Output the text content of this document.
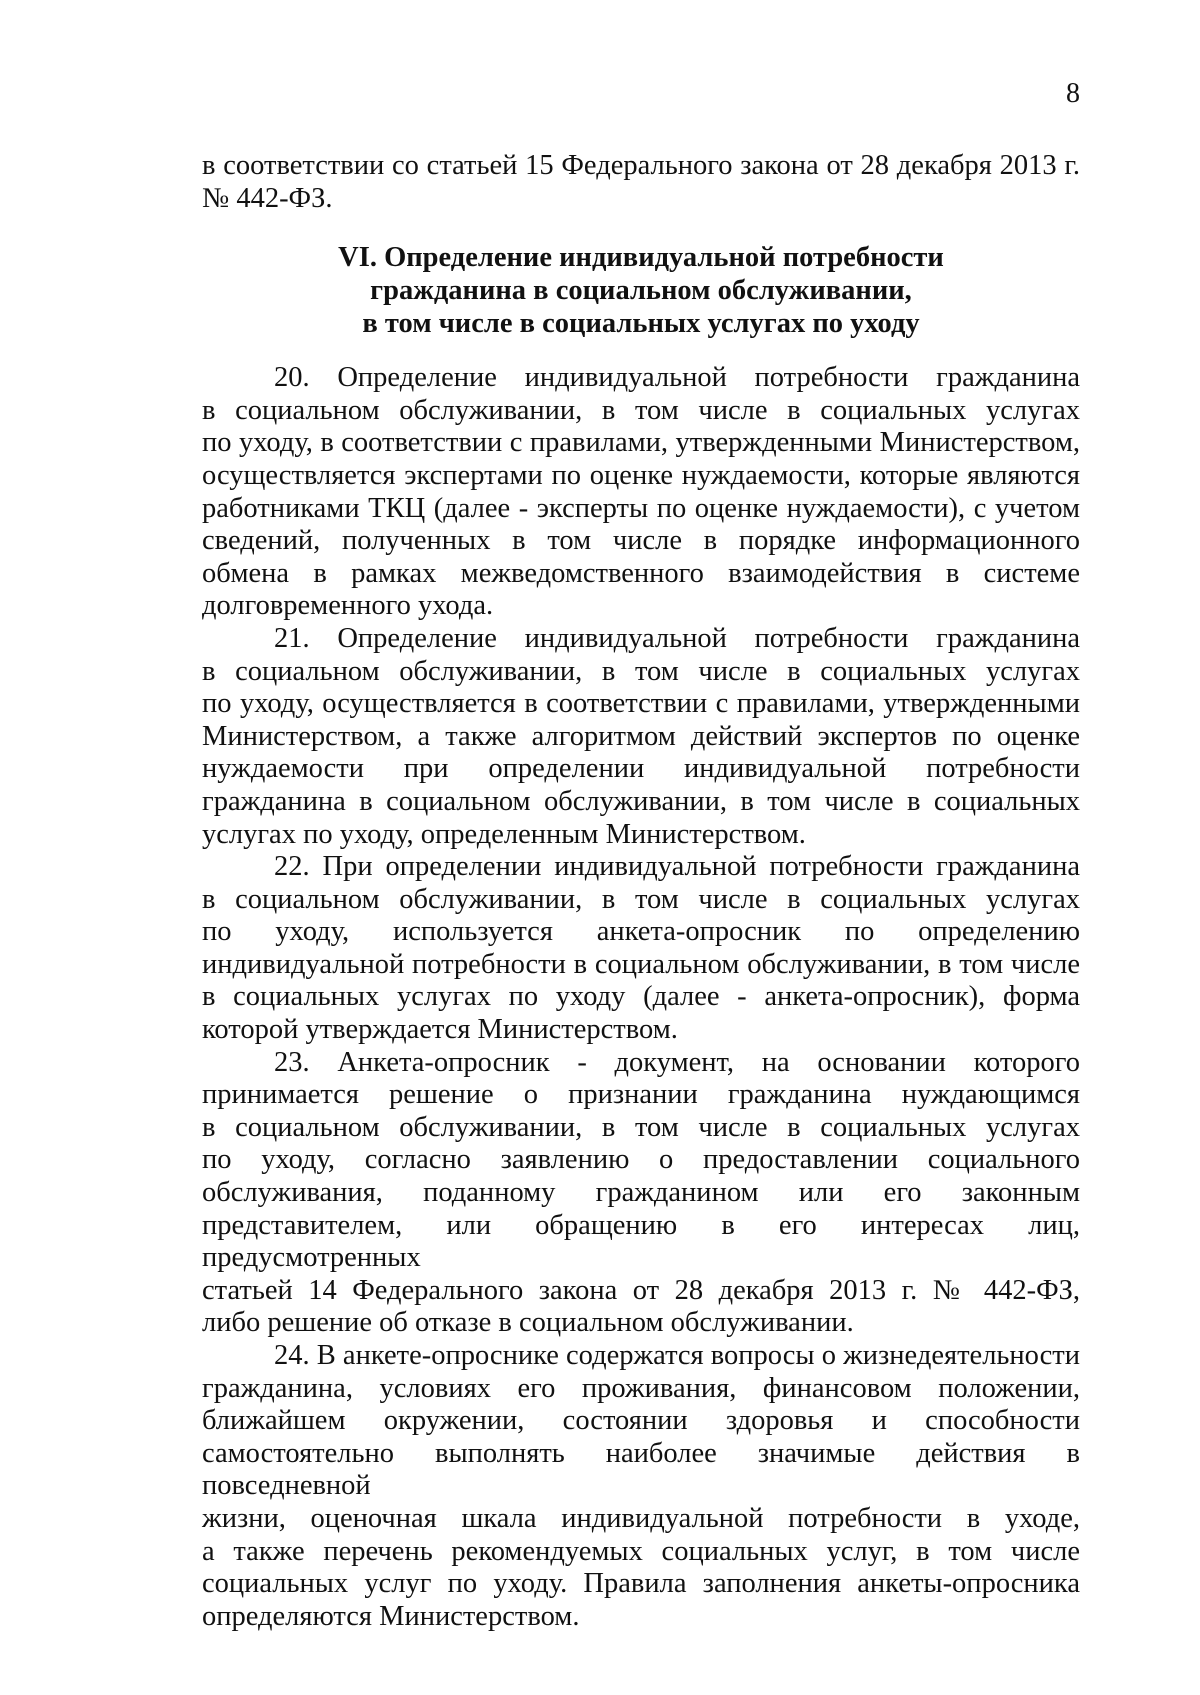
8
в соответствии со статьей 15 Федерального закона от 28 декабря 2013 г.
№ 442-ФЗ.
VI. Определение индивидуальной потребности
гражданина в социальном обслуживании,
в том числе в социальных услугах по уходу
20. Определение индивидуальной потребности гражданина
в социальном обслуживании, в том числе в социальных услугах
по уходу, в соответствии с правилами, утвержденными Министерством,
осуществляется экспертами по оценке нуждаемости, которые являются
работниками ТКЦ (далее - эксперты по оценке нуждаемости), с учетом
сведений, полученных в том числе в порядке информационного
обмена в рамках межведомственного взаимодействия в системе
долговременного ухода.
21. Определение индивидуальной потребности гражданина
в социальном обслуживании, в том числе в социальных услугах
по уходу, осуществляется в соответствии с правилами, утвержденными
Министерством, а также алгоритмом действий экспертов по оценке
нуждаемости при определении индивидуальной потребности
гражданина в социальном обслуживании, в том числе в социальных
услугах по уходу, определенным Министерством.
22. При определении индивидуальной потребности гражданина
в социальном обслуживании, в том числе в социальных услугах
по уходу, используется анкета-опросник по определению
индивидуальной потребности в социальном обслуживании, в том числе
в социальных услугах по уходу (далее - анкета-опросник), форма
которой утверждается Министерством.
23. Анкета-опросник - документ, на основании которого
принимается решение о признании гражданина нуждающимся
в социальном обслуживании, в том числе в социальных услугах
по уходу, согласно заявлению о предоставлении социального
обслуживания, поданному гражданином или его законным
представителем, или обращению в его интересах лиц, предусмотренных
статьей 14 Федерального закона от 28 декабря 2013 г. № 442-ФЗ,
либо решение об отказе в социальном обслуживании.
24. В анкете-опроснике содержатся вопросы о жизнедеятельности
гражданина, условиях его проживания, финансовом положении,
ближайшем окружении, состоянии здоровья и способности
самостоятельно выполнять наиболее значимые действия в повседневной
жизни, оценочная шкала индивидуальной потребности в уходе,
а также перечень рекомендуемых социальных услуг, в том числе
социальных услуг по уходу. Правила заполнения анкеты-опросника
определяются Министерством.
